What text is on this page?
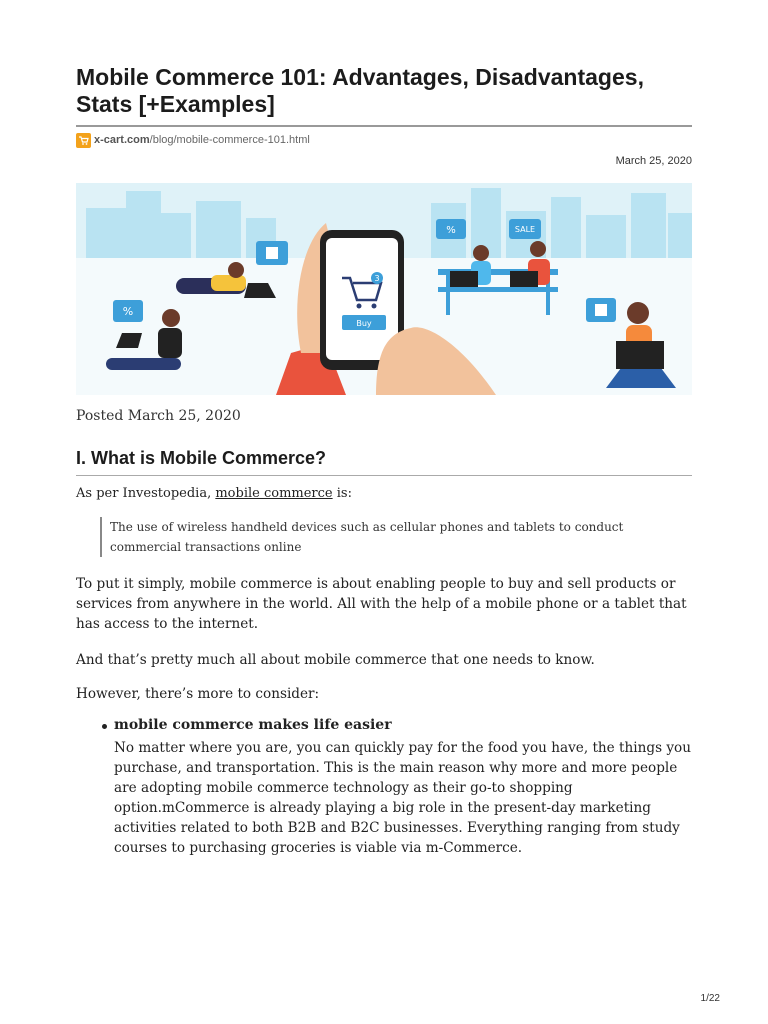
Mobile Commerce 101: Advantages, Disadvantages, Stats [+Examples]
x-cart.com /blog/mobile-commerce-101.html
March 25, 2020
%
3
Buy
%	SALE
Posted March 25, 2020
I. What is Mobile Commerce?
As per Investopedia, mobile commerce is:
The use of wireless handheld devices such as cellular phones and tablets to conduct commercial transactions online

To put it simply, mobile commerce is about enabling people to buy and sell products or services from anywhere in the world. All with the help of a mobile phone or a tablet that has access to the internet.

And that’s pretty much all about mobile commerce that one needs to know.

However, there’s more to consider:

mobile commerce makes life easier

No matter where you are, you can quickly pay for the food you have, the things you purchase, and transportation. This is the main reason why more and more people are adopting mobile commerce technology as their go-to shopping option.mCommerce is already playing a big role in the present-day marketing activities related to both B2B and B2C businesses. Everything ranging from study courses to purchasing groceries is viable via m-Commerce.

1/22
